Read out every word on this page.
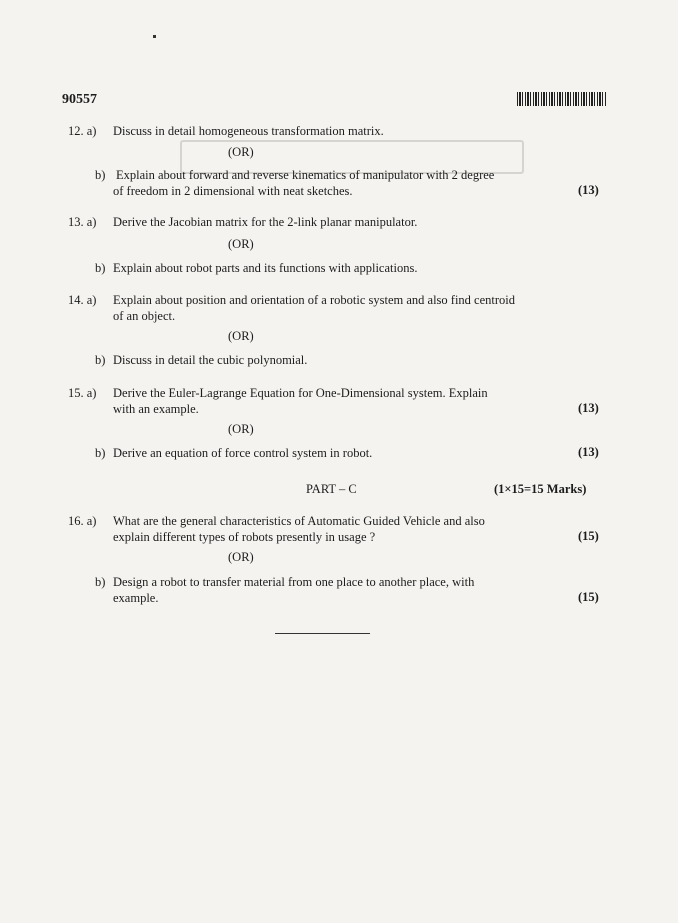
90557
12. a) Discuss in detail homogeneous transformation matrix.
(OR)
b) Explain about forward and reverse kinematics of manipulator with 2 degree
of freedom in 2 dimensional with neat sketches.	(13)
13. a) Derive the Jacobian matrix for the 2-link planar manipulator.
(OR)
b) Explain about robot parts and its functions with applications.
14. a) Explain about position and orientation of a robotic system and also find centroid
of an object.
(OR)
b) Discuss in detail the cubic polynomial.
15. a) Derive the Euler-Lagrange Equation for One-Dimensional system. Explain
with an example.	(13)
(OR)
b) Derive an equation of force control system in robot.	(13)
PART – C	(1×15=15 Marks)
16. a) What are the general characteristics of Automatic Guided Vehicle and also
explain different types of robots presently in usage ?	(15)
(OR)
b) Design a robot to transfer material from one place to another place, with
example.	(15)
